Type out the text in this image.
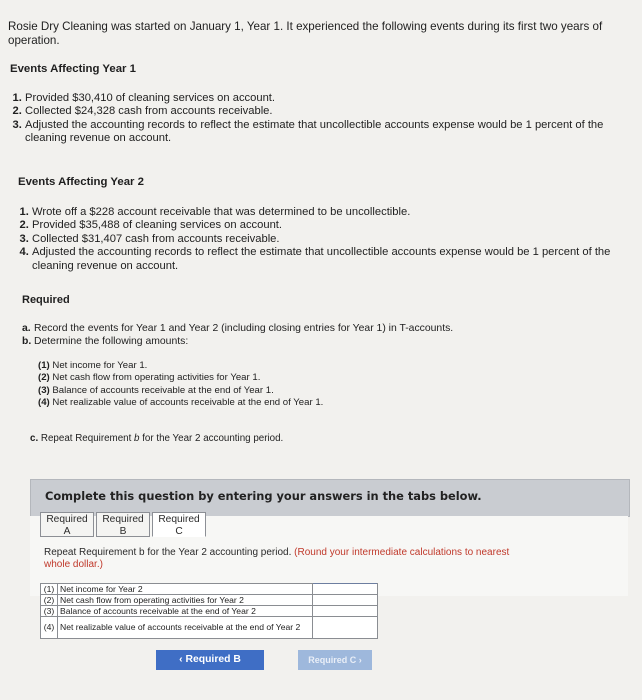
Rosie Dry Cleaning was started on January 1, Year 1. It experienced the following events during its first two years of operation.
Events Affecting Year 1
1. Provided $30,410 of cleaning services on account.
2. Collected $24,328 cash from accounts receivable.
3. Adjusted the accounting records to reflect the estimate that uncollectible accounts expense would be 1 percent of the cleaning revenue on account.
Events Affecting Year 2
1. Wrote off a $228 account receivable that was determined to be uncollectible.
2. Provided $35,488 of cleaning services on account.
3. Collected $31,407 cash from accounts receivable.
4. Adjusted the accounting records to reflect the estimate that uncollectible accounts expense would be 1 percent of the cleaning revenue on account.
Required
a. Record the events for Year 1 and Year 2 (including closing entries for Year 1) in T-accounts.
b. Determine the following amounts:
(1) Net income for Year 1.
(2) Net cash flow from operating activities for Year 1.
(3) Balance of accounts receivable at the end of Year 1.
(4) Net realizable value of accounts receivable at the end of Year 1.
c. Repeat Requirement b for the Year 2 accounting period.
Complete this question by entering your answers in the tabs below.
Required
A
Required
B
Required
C
Repeat Requirement b for the Year 2 accounting period. (Round your intermediate calculations to nearest whole dollar.)
(1)	Net income for Year 2	
(2)	Net cash flow from operating activities for Year 2	
(3)	Balance of accounts receivable at the end of Year 2	
(4)	Net realizable value of accounts receivable at the end of Year 2	
‹ Required B	Required C ›
